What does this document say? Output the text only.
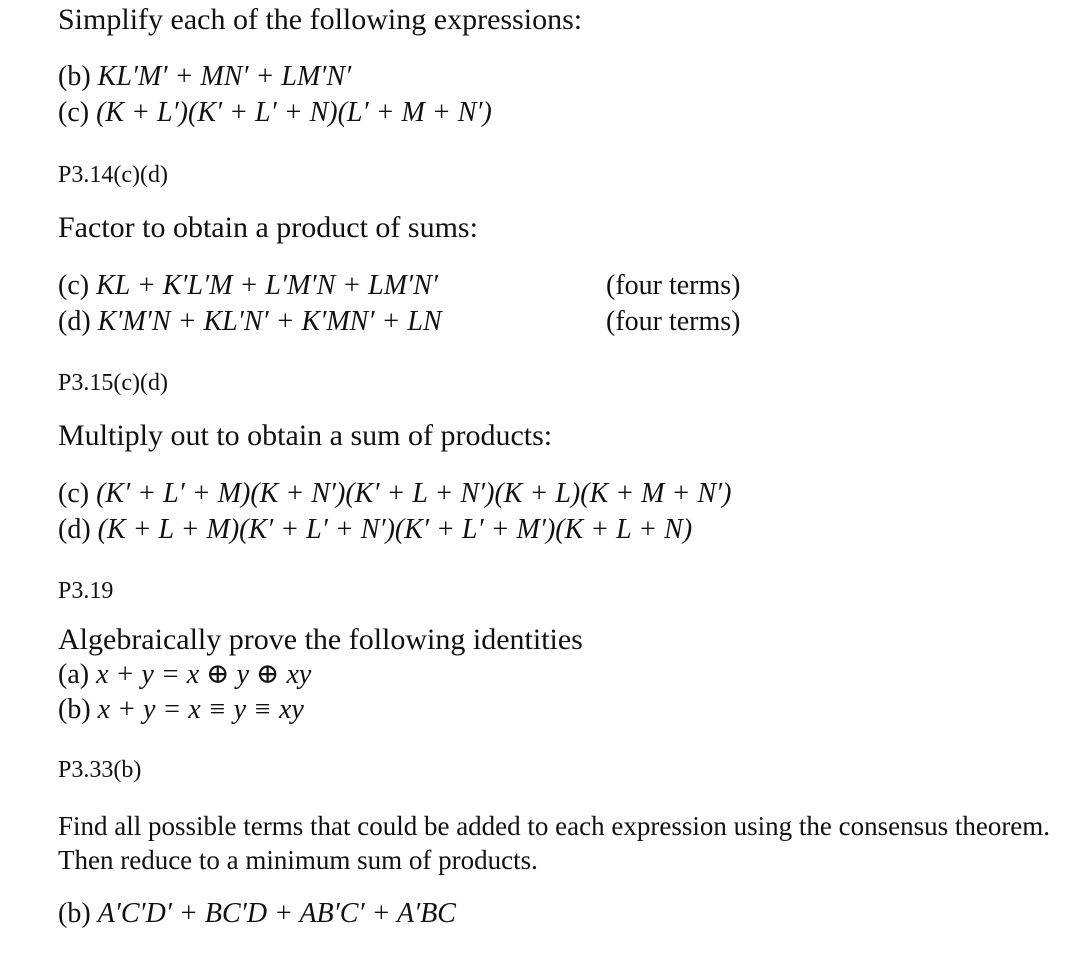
Simplify each of the following expressions:
(b) KL′M′ + MN′ + LM′N′
(c) (K + L′)(K′ + L′ + N)(L′ + M + N′)
P3.14(c)(d)
Factor to obtain a product of sums:
(c) KL + K′L′M + L′M′N + LM′N′	(four terms)
(d) K′M′N + KL′N′ + K′MN′ + LN	(four terms)
P3.15(c)(d)
Multiply out to obtain a sum of products:
(c) (K′ + L′ + M)(K + N′)(K′ + L + N′)(K + L)(K + M + N′)
(d) (K + L + M)(K′ + L′ + N′)(K′ + L′ + M′)(K + L + N)
P3.19
Algebraically prove the following identities
(a) x + y = x ⊕ y ⊕ xy
(b) x + y = x ≡ y ≡ xy
P3.33(b)
Find all possible terms that could be added to each expression using the consensus theorem. Then reduce to a minimum sum of products.
(b) A′C′D′ + BC′D + AB′C′ + A′BC
